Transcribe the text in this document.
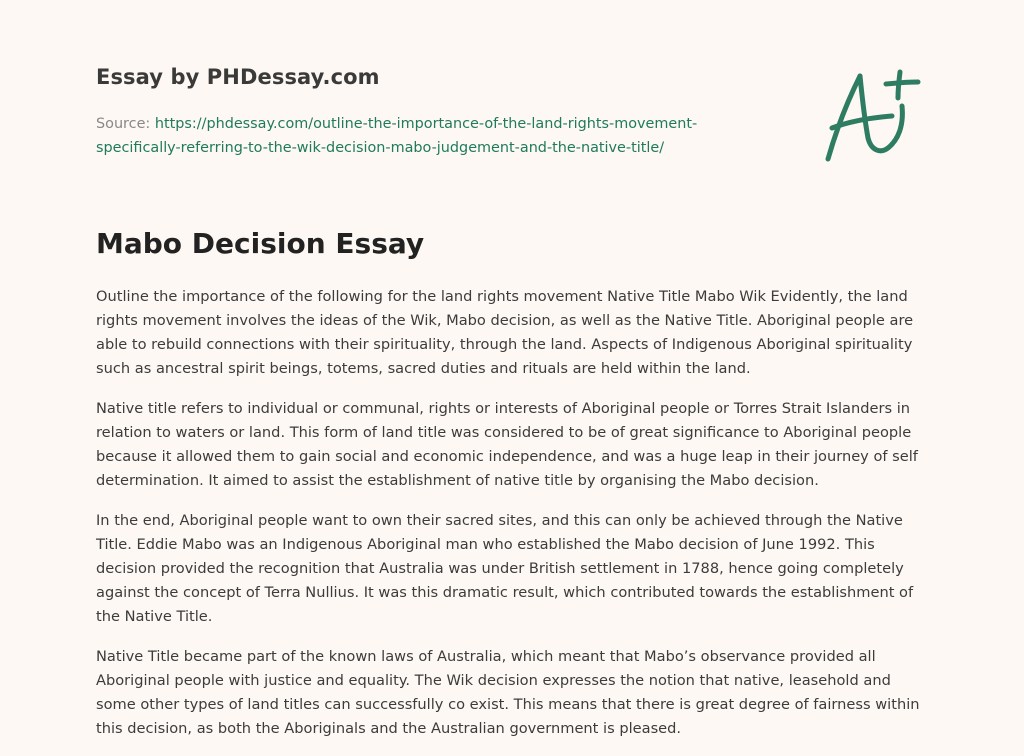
Essay by PHDessay.com
Source: https://phdessay.com/outline-the-importance-of-the-land-rights-movement-
specifically-referring-to-the-wik-decision-mabo-judgement-and-the-native-title/
Mabo Decision Essay

Outline the importance of the following for the land rights movement Native Title Mabo Wik Evidently, the land rights movement involves the ideas of the Wik, Mabo decision, as well as the Native Title. Aboriginal people are able to rebuild connections with their spirituality, through the land. Aspects of Indigenous Aboriginal spirituality such as ancestral spirit beings, totems, sacred duties and rituals are held within the land.

Native title refers to individual or communal, rights or interests of Aboriginal people or Torres Strait Islanders in relation to waters or land. This form of land title was considered to be of great significance to Aboriginal people because it allowed them to gain social and economic independence, and was a huge leap in their journey of self determination. It aimed to assist the establishment of native title by organising the Mabo decision.

In the end, Aboriginal people want to own their sacred sites, and this can only be achieved through the Native Title. Eddie Mabo was an Indigenous Aboriginal man who established the Mabo decision of June 1992. This decision provided the recognition that Australia was under British settlement in 1788, hence going completely against the concept of Terra Nullius. It was this dramatic result, which contributed towards the establishment of the Native Title.

Native Title became part of the known laws of Australia, which meant that Mabo’s observance provided all Aboriginal people with justice and equality. The Wik decision expresses the notion that native, leasehold and some other types of land titles can successfully co exist. This means that there is great degree of fairness within this decision, as both the Aboriginals and the Australian government is pleased.
